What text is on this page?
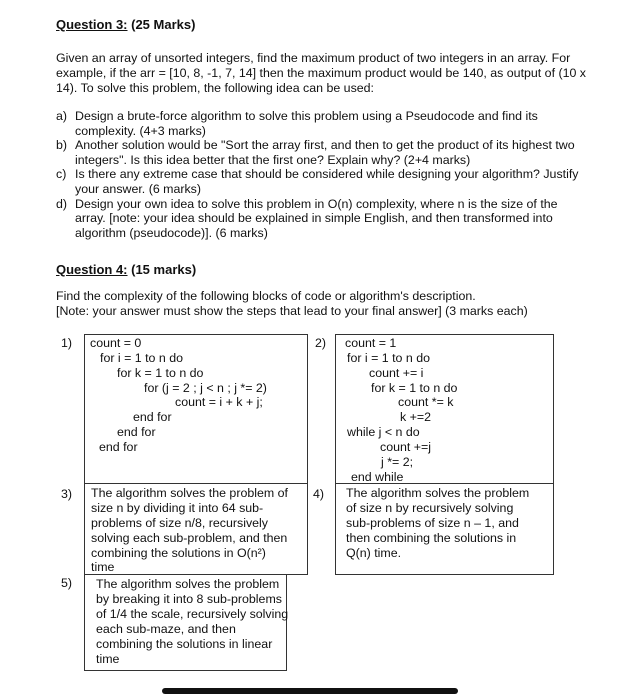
Question 3: (25 Marks)
Given an array of unsorted integers, find the maximum product of two integers in an array. For example, if the arr = [10, 8, -1, 7, 14] then the maximum product would be 140, as output of (10 x 14). To solve this problem, the following idea can be used:
a) Design a brute-force algorithm to solve this problem using a Pseudocode and find its complexity. (4+3 marks)
b) Another solution would be "Sort the array first, and then to get the product of its highest two integers". Is this idea better that the first one? Explain why? (2+4 marks)
c) Is there any extreme case that should be considered while designing your algorithm? Justify your answer. (6 marks)
d) Design your own idea to solve this problem in O(n) complexity, where n is the size of the array. [note: your idea should be explained in simple English, and then transformed into algorithm (pseudocode)]. (6 marks)
Question 4: (15 marks)
Find the complexity of the following blocks of code or algorithm's description.
[Note: your answer must show the steps that lead to your final answer] (3 marks each)
1)	2)
3)	4)
5)
count = 0
for i = 1 to n do
for k = 1 to n do
for (j = 2 ; j < n ; j *= 2)
count = i + k + j;
end for
end for
end for
count = 1
for i = 1 to n do
count += i
for k = 1 to n do
count *= k
k +=2
while j < n do
count +=j
j *= 2;
end while
The algorithm solves the problem of
size n by dividing it into 64 sub-
problems of size n/8, recursively
solving each sub-problem, and then
combining the solutions in O(n²)
time
The algorithm solves the problem
of size n by recursively solving
sub-problems of size n – 1, and
then combining the solutions in
Q(n) time.
The algorithm solves the problem
by breaking it into 8 sub-problems
of 1/4 the scale, recursively solving
each sub-maze, and then
combining the solutions in linear
time
